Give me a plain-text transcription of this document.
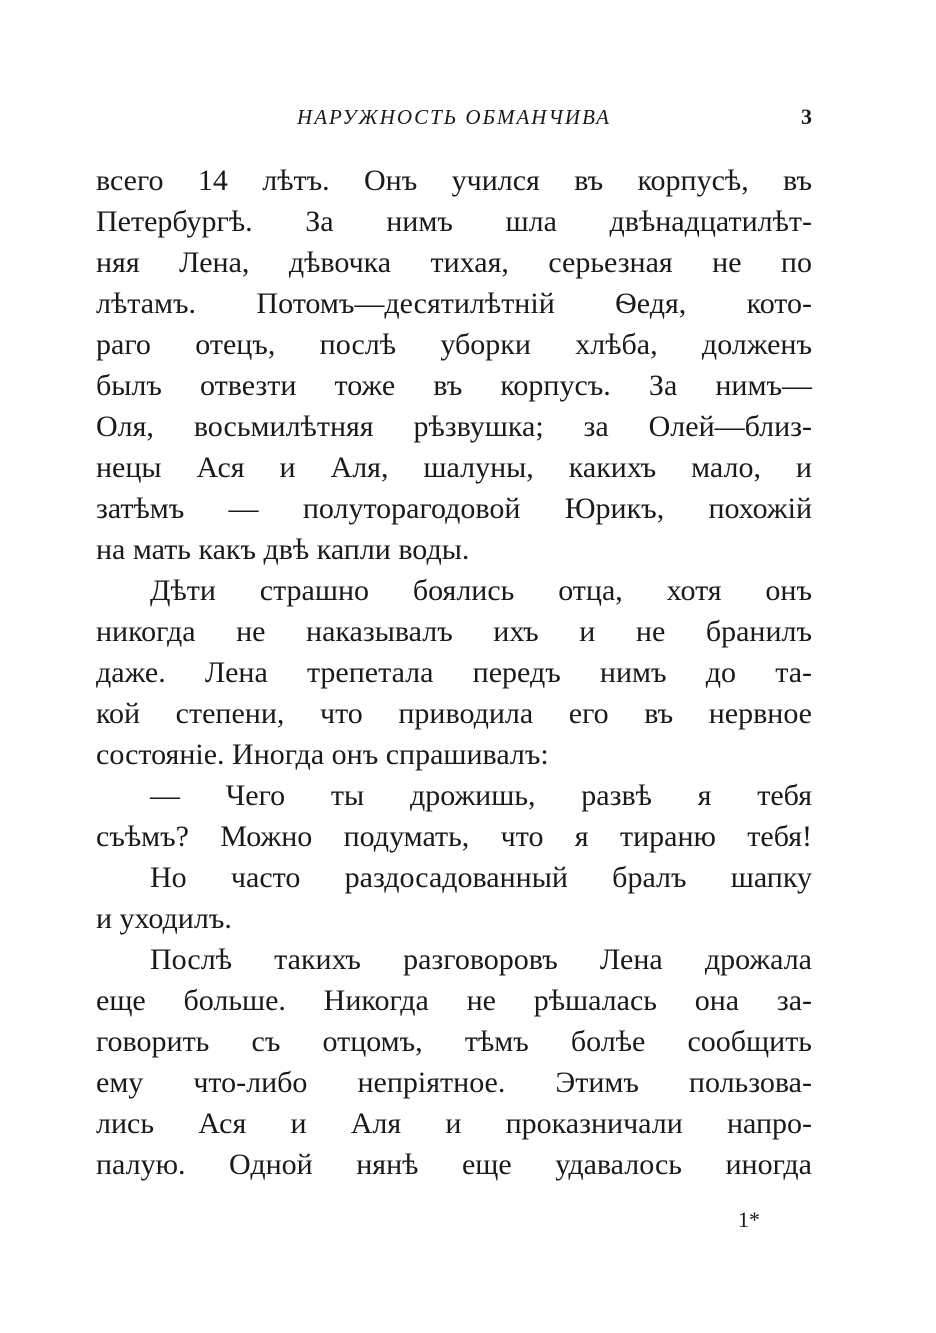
НАРУЖНОСТЬ ОБМАНЧИВА	3
всего 14 лѣтъ. Онъ учился въ корпусѣ, въ
Петербургѣ. За нимъ шла двѣнадцатилѣт-
няя Лена, дѣвочка тихая, серьезная не по
лѣтамъ. Потомъ—десятилѣтній Ѳедя, кото-
раго отецъ, послѣ уборки хлѣба, долженъ
былъ отвезти тоже въ корпусъ. За нимъ—
Оля, восьмилѣтняя рѣзвушка; за Олей—близ-
нецы Ася и Аля, шалуны, какихъ мало, и
затѣмъ — полуторагодовой Юрикъ, похожій
на мать какъ двѣ капли воды.
Дѣти страшно боялись отца, хотя онъ
никогда не наказывалъ ихъ и не бранилъ
даже. Лена трепетала передъ нимъ до та-
кой степени, что приводила его въ нервное
состояніе. Иногда онъ спрашивалъ:
— Чего ты дрожишь, развѣ я тебя
съѣмъ? Можно подумать, что я тираню тебя!
Но часто раздосадованный бралъ шапку
и уходилъ.
Послѣ такихъ разговоровъ Лена дрожала
еще больше. Никогда не рѣшалась она за-
говорить съ отцомъ, тѣмъ болѣе сообщить
ему что-либо непріятное. Этимъ пользова-
лись Ася и Аля и проказничали напро-
палую. Одной нянѣ еще удавалось иногда
1*
